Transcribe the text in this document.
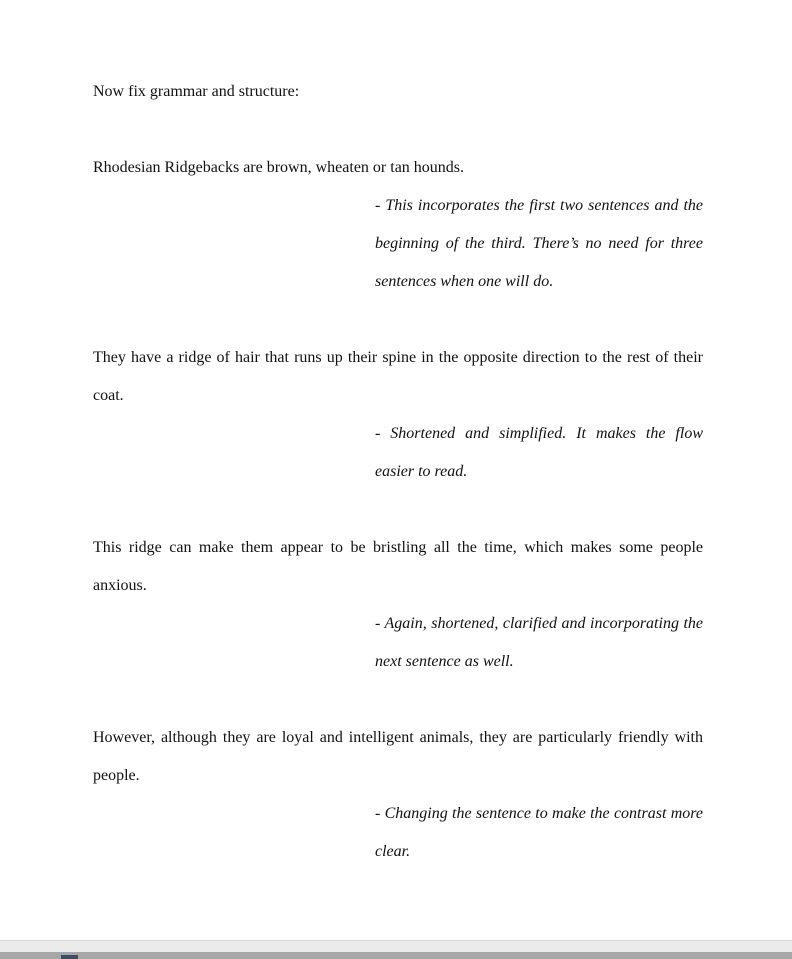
Now fix grammar and structure:

Rhodesian Ridgebacks are brown, wheaten or tan hounds.

- This incorporates the first two sentences and the beginning of the third. There’s no need for three sentences when one will do.

They have a ridge of hair that runs up their spine in the opposite direction to the rest of their coat.

- Shortened and simplified. It makes the flow easier to read.

This ridge can make them appear to be bristling all the time, which makes some people anxious.

- Again, shortened, clarified and incorporating the next sentence as well.

However, although they are loyal and intelligent animals, they are particularly friendly with people.

- Changing the sentence to make the contrast more clear.
